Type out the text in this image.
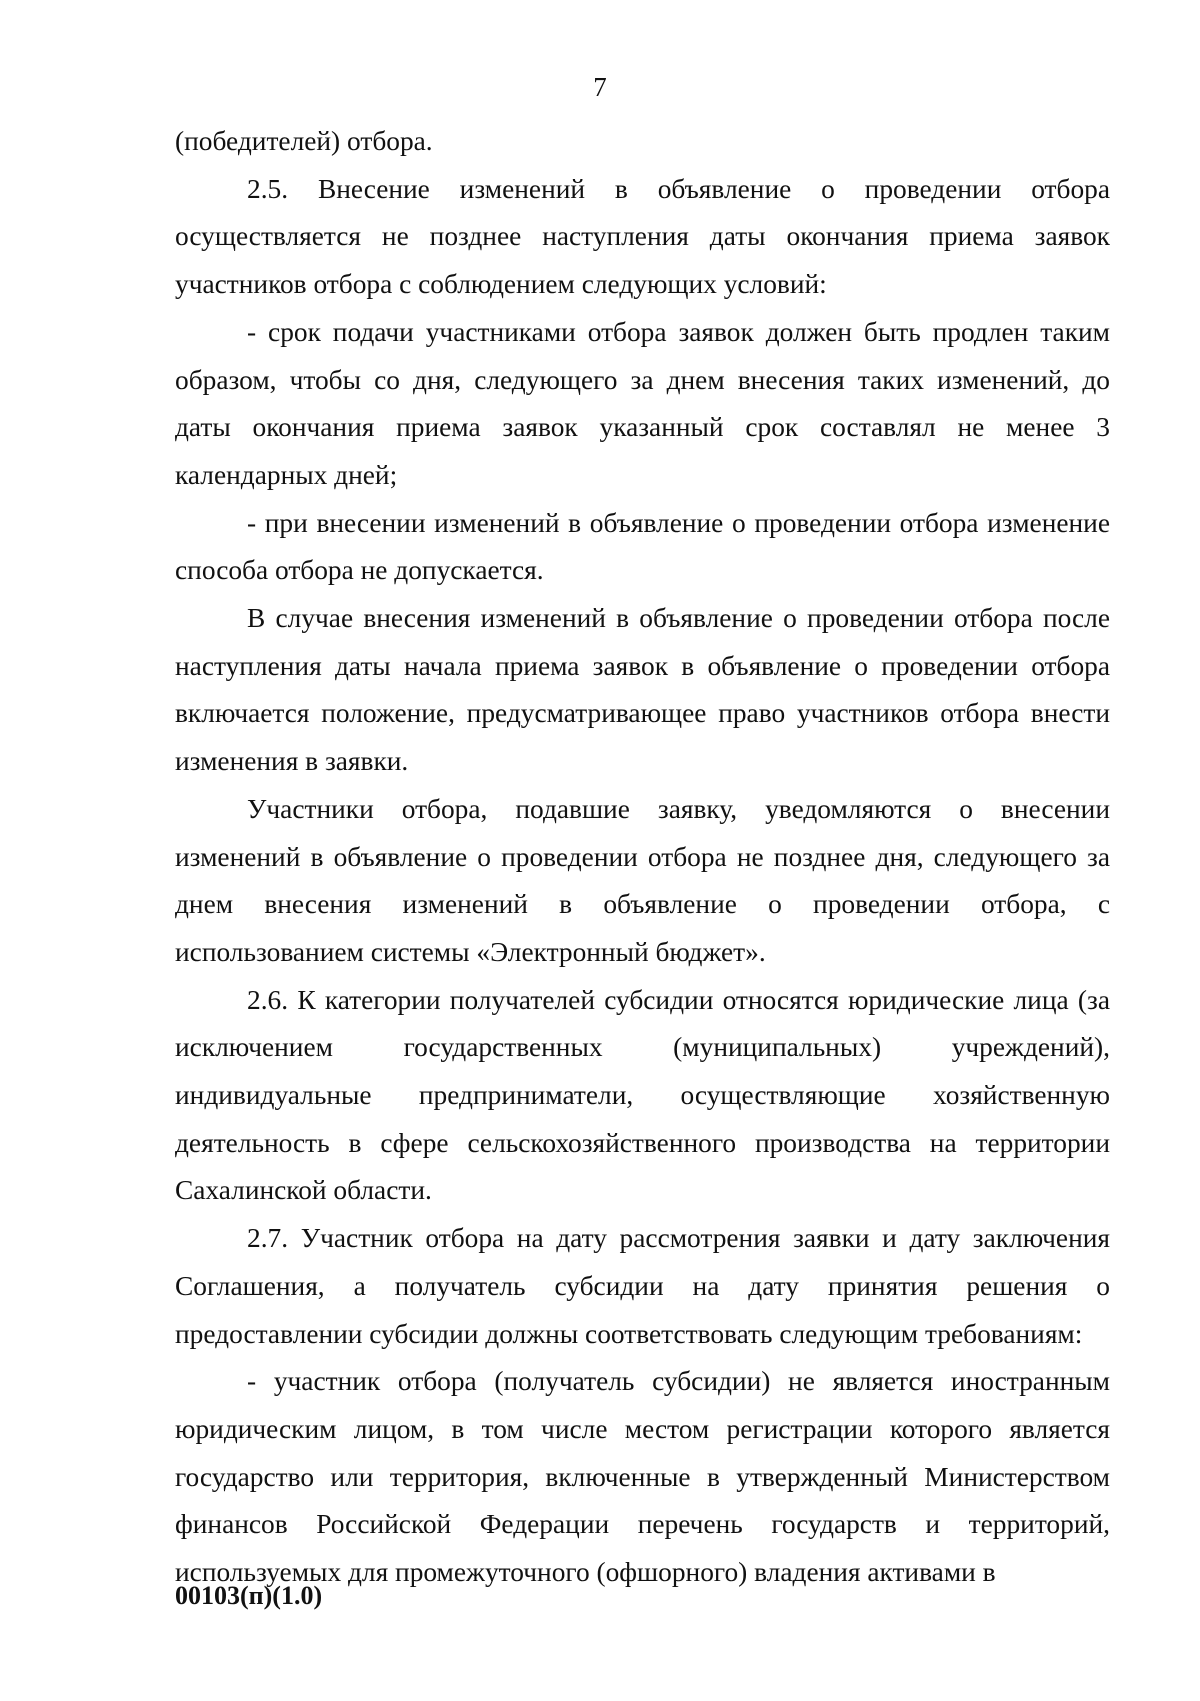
7

(победителей) отбора.

2.5. Внесение изменений в объявление о проведении отбора осуществляется не позднее наступления даты окончания приема заявок участников отбора с соблюдением следующих условий:

- срок подачи участниками отбора заявок должен быть продлен таким образом, чтобы со дня, следующего за днем внесения таких изменений, до даты окончания приема заявок указанный срок составлял не менее 3 календарных дней;

- при внесении изменений в объявление о проведении отбора изменение способа отбора не допускается.

В случае внесения изменений в объявление о проведении отбора после наступления даты начала приема заявок в объявление о проведении отбора включается положение, предусматривающее право участников отбора внести изменения в заявки.

Участники отбора, подавшие заявку, уведомляются о внесении изменений в объявление о проведении отбора не позднее дня, следующего за днем внесения изменений в объявление о проведении отбора, с использованием системы «Электронный бюджет».

2.6. К категории получателей субсидии относятся юридические лица (за исключением государственных (муниципальных) учреждений), индивидуальные предприниматели, осуществляющие хозяйственную деятельность в сфере сельскохозяйственного производства на территории Сахалинской области.

2.7. Участник отбора на дату рассмотрения заявки и дату заключения Соглашения, а получатель субсидии на дату принятия решения о предоставлении субсидии должны соответствовать следующим требованиям:

- участник отбора (получатель субсидии) не является иностранным юридическим лицом, в том числе местом регистрации которого является государство или территория, включенные в утвержденный Министерством финансов Российской Федерации перечень государств и территорий, используемых для промежуточного (офшорного) владения активами в

00103(п)(1.0)
